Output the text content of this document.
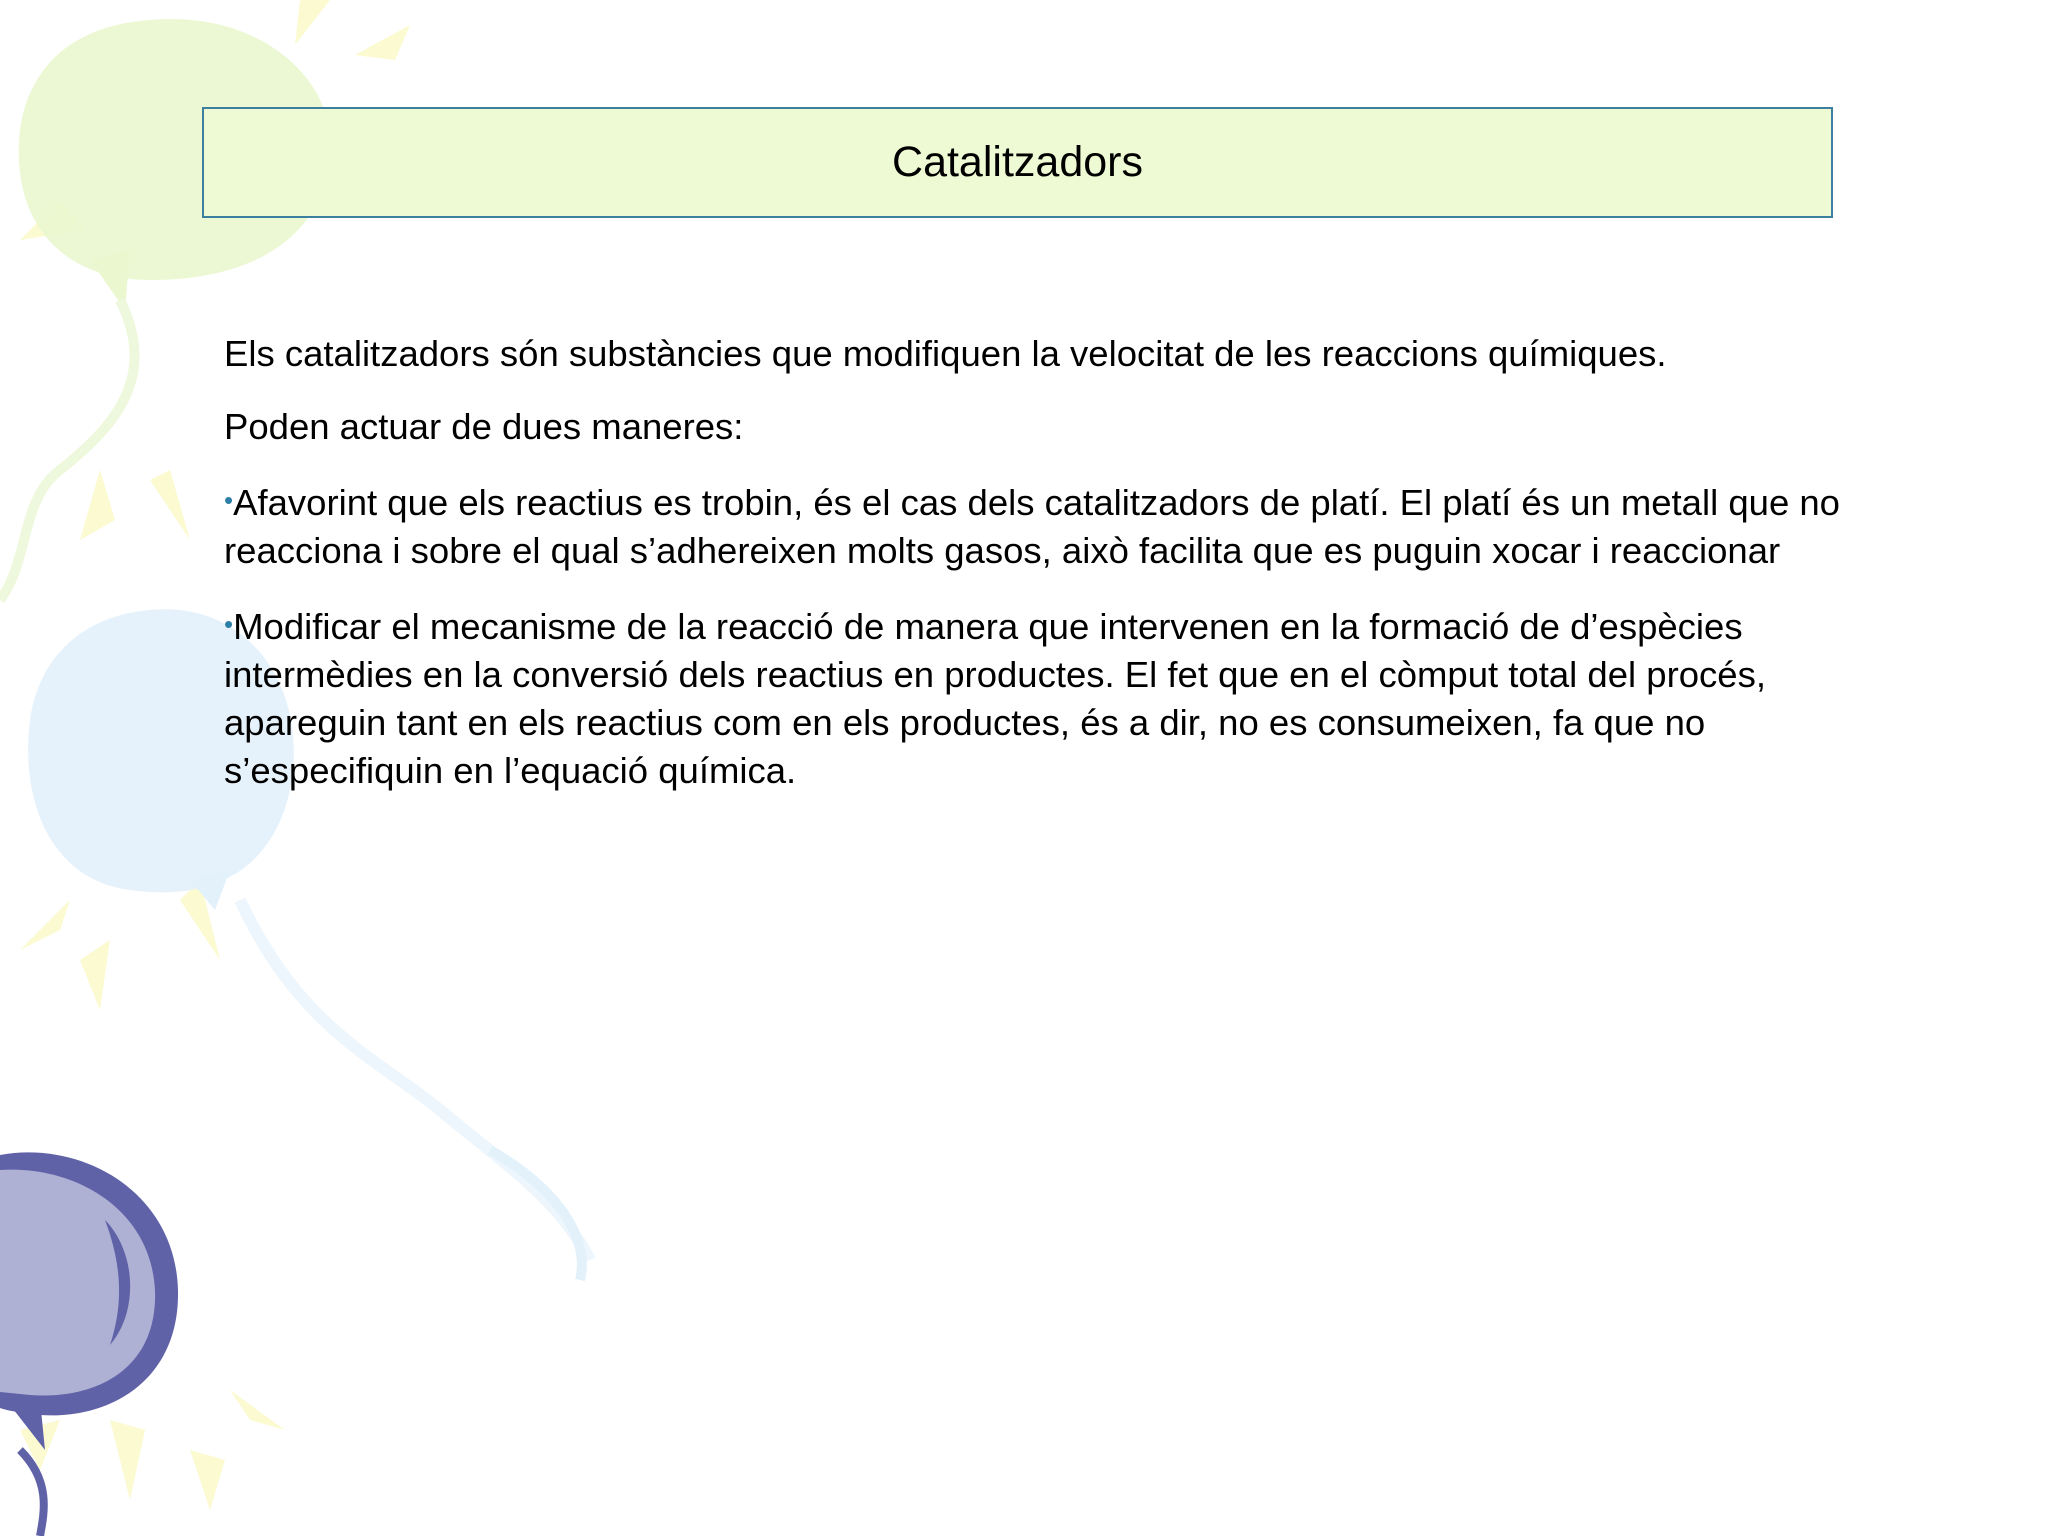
Catalitzadors

Els catalitzadors són substàncies que modifiquen la velocitat de les reaccions químiques.

Poden actuar de dues maneres:

•Afavorint que els reactius es trobin, és el cas dels catalitzadors de platí. El platí és un metall que no reacciona i sobre el qual s’adhereixen molts gasos, això facilita que es puguin xocar i reaccionar

•Modificar el mecanisme de la reacció de manera que intervenen en la formació de d’espècies intermèdies en la conversió dels reactius en productes. El fet que en el còmput total del procés, apareguin tant en els reactius com en els productes, és a dir, no es consumeixen, fa que no s’especifiquin en l’equació química.
